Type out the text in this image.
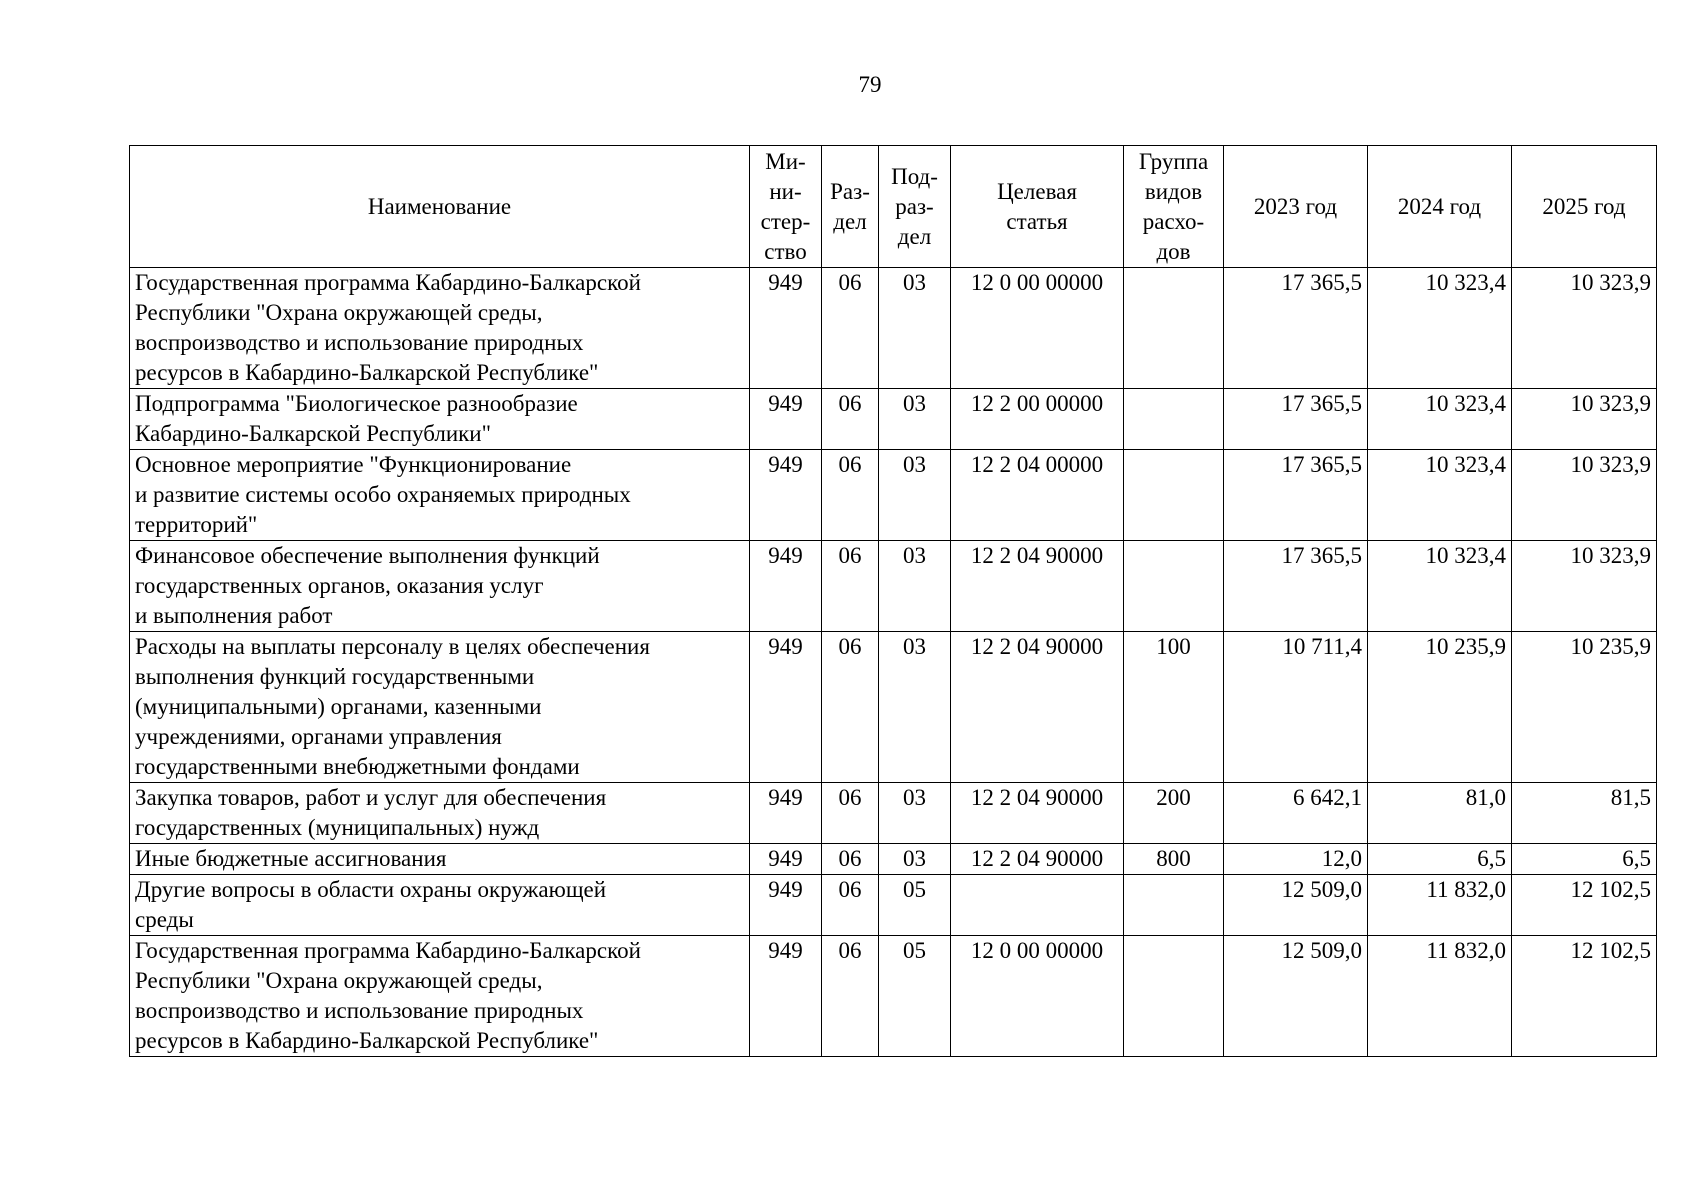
79
Наименование	Ми-
ни-
стер-
ство	Раз-
дел	Под-
раз-
дел	Целевая
статья	Группа
видов
расхо-
дов	2023 год	2024 год	2025 год
Государственная программа Кабардино-Балкарской
Республики "Охрана окружающей среды,
воспроизводство и использование природных
ресурсов в Кабардино-Балкарской Республике"	949	06	03	12 0 00 00000		17 365,5	10 323,4	10 323,9
Подпрограмма "Биологическое разнообразие
Кабардино-Балкарской Республики"	949	06	03	12 2 00 00000		17 365,5	10 323,4	10 323,9
Основное мероприятие "Функционирование
и развитие системы особо охраняемых природных
территорий"	949	06	03	12 2 04 00000		17 365,5	10 323,4	10 323,9
Финансовое обеспечение выполнения функций
государственных органов, оказания услуг
и выполнения работ	949	06	03	12 2 04 90000		17 365,5	10 323,4	10 323,9
Расходы на выплаты персоналу в целях обеспечения
выполнения функций государственными
(муниципальными) органами, казенными
учреждениями, органами управления
государственными внебюджетными фондами	949	06	03	12 2 04 90000	100	10 711,4	10 235,9	10 235,9
Закупка товаров, работ и услуг для обеспечения
государственных (муниципальных) нужд	949	06	03	12 2 04 90000	200	6 642,1	81,0	81,5
Иные бюджетные ассигнования	949	06	03	12 2 04 90000	800	12,0	6,5	6,5
Другие вопросы в области охраны окружающей
среды	949	06	05			12 509,0	11 832,0	12 102,5
Государственная программа Кабардино-Балкарской
Республики "Охрана окружающей среды,
воспроизводство и использование природных
ресурсов в Кабардино-Балкарской Республике"	949	06	05	12 0 00 00000		12 509,0	11 832,0	12 102,5
